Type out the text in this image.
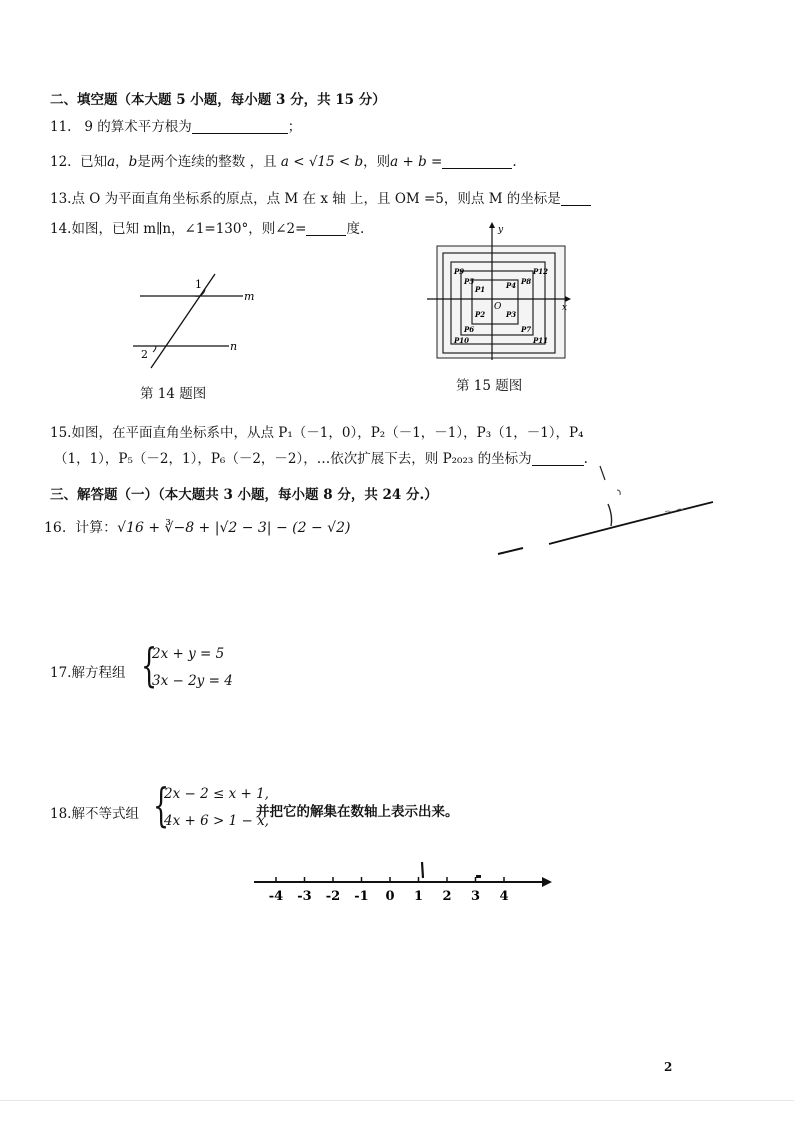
二、填空题（本大题 5 小题，每小题 3 分，共 15 分）
11. 9 的算术平方根为	；
12. 已知a，b是两个连续的整数 ，且 a < √15 < b，则a + b =	.
13.点 O 为平面直角坐标系的原点，点 M 在 x 轴 上，且 OM =5，则点 M 的坐标是
14.如图，已知 m∥n，∠1=130°，则∠2=	度.
1
2
m
n
第 14 题图
y
x
O
P1
P2	P3
P4
P5
P6	P7
P8
P9
P10	P11
P12
第 15 题图
15.如图，在平面直角坐标系中，从点 P₁（－1，0），P₂（－1，－1），P₃（1，－1），P₄
（1，1），P₅（－2，1），P₆（－2，－2），…依次扩展下去，则 P₂₀₂₃ 的坐标为	.
三、解答题（一）（本大题共 3 小题，每小题 8 分，共 24 分.）
16. 计算：√16 + ∛−8 + |√2 − 3| − (2 − √2)
17.解方程组 {
2x + y = 5
3x − 2y = 4
18.解不等式组 {
2x − 2 ≤ x + 1,
4x + 6 > 1 − x,
并把它的解集在数轴上表示出来。
-4 -3 -2 -1 0 1 2 3 4
2
